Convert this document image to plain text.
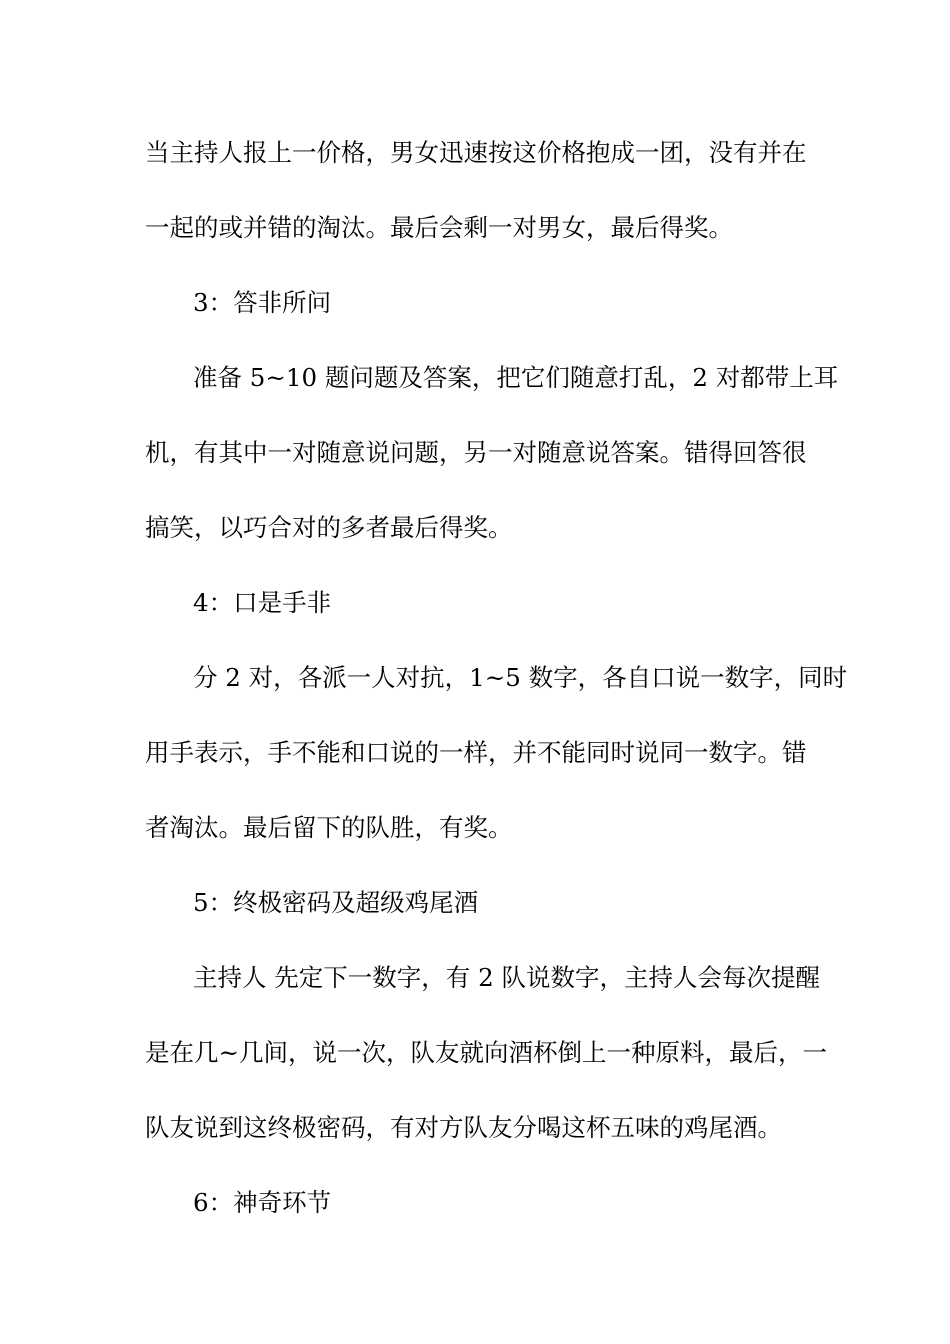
当主持人报上一价格，男女迅速按这价格抱成一团，没有并在
一起的或并错的淘汰。最后会剩一对男女，最后得奖。
3：答非所问
准备 5~10 题问题及答案，把它们随意打乱，2 对都带上耳
机，有其中一对随意说问题，另一对随意说答案。错得回答很
搞笑，以巧合对的多者最后得奖。
4：口是手非
分 2 对，各派一人对抗，1~5 数字，各自口说一数字，同时
用手表示，手不能和口说的一样，并不能同时说同一数字。错
者淘汰。最后留下的队胜，有奖。
5：终极密码及超级鸡尾酒
主持人 先定下一数字，有 2 队说数字，主持人会每次提醒
是在几~几间，说一次，队友就向酒杯倒上一种原料，最后，一
队友说到这终极密码，有对方队友分喝这杯五味的鸡尾酒。
6：神奇环节
